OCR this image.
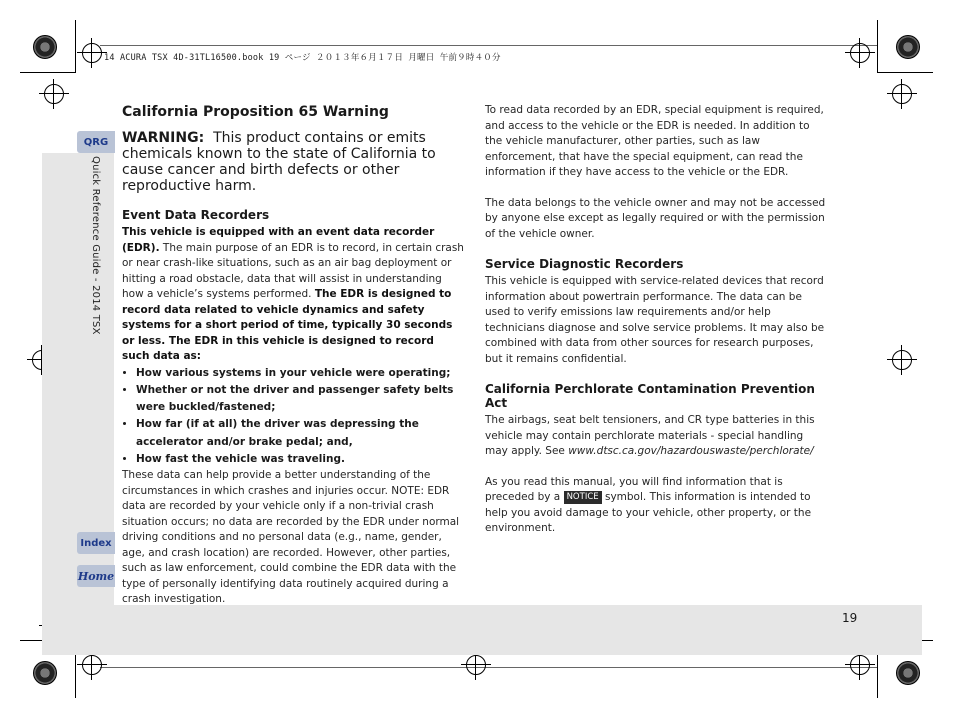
14 ACURA TSX 4D-31TL16500.book 19 ページ ２０１３年６月１７日 月曜日 午前９時４０分
QRG
Index
Home
Quick Reference Guide - 2014 TSX
California Proposition 65 Warning

WARNING: This product contains or emits chemicals known to the state of California to cause cancer and birth defects or other reproductive harm.

Event Data Recorders

This vehicle is equipped with an event data recorder (EDR). The main purpose of an EDR is to record, in certain crash or near crash-like situations, such as an air bag deployment or hitting a road obstacle, data that will assist in understanding how a vehicle’s systems performed. The EDR is designed to record data related to vehicle dynamics and safety systems for a short period of time, typically 30 seconds or less. The EDR in this vehicle is designed to record such data as:

• How various systems in your vehicle were operating;
• Whether or not the driver and passenger safety belts were buckled/fastened;
• How far (if at all) the driver was depressing the accelerator and/or brake pedal; and,
• How fast the vehicle was traveling.

These data can help provide a better understanding of the circumstances in which crashes and injuries occur. NOTE: EDR data are recorded by your vehicle only if a non-trivial crash situation occurs; no data are recorded by the EDR under normal driving conditions and no personal data (e.g., name, gender, age, and crash location) are recorded. However, other parties, such as law enforcement, could combine the EDR data with the type of personally identifying data routinely acquired during a crash investigation.

To read data recorded by an EDR, special equipment is required, and access to the vehicle or the EDR is needed. In addition to the vehicle manufacturer, other parties, such as law enforcement, that have the special equipment, can read the information if they have access to the vehicle or the EDR.

The data belongs to the vehicle owner and may not be accessed by anyone else except as legally required or with the permission of the vehicle owner.

Service Diagnostic Recorders

This vehicle is equipped with service-related devices that record information about powertrain performance. The data can be used to verify emissions law requirements and/or help technicians diagnose and solve service problems. It may also be combined with data from other sources for research purposes, but it remains confidential.

California Perchlorate Contamination Prevention Act

The airbags, seat belt tensioners, and CR type batteries in this vehicle may contain perchlorate materials - special handling may apply. See www.dtsc.ca.gov/hazardouswaste/perchlorate/

As you read this manual, you will find information that is preceded by a NOTICE symbol. This information is intended to help you avoid damage to your vehicle, other property, or the environment.

19
